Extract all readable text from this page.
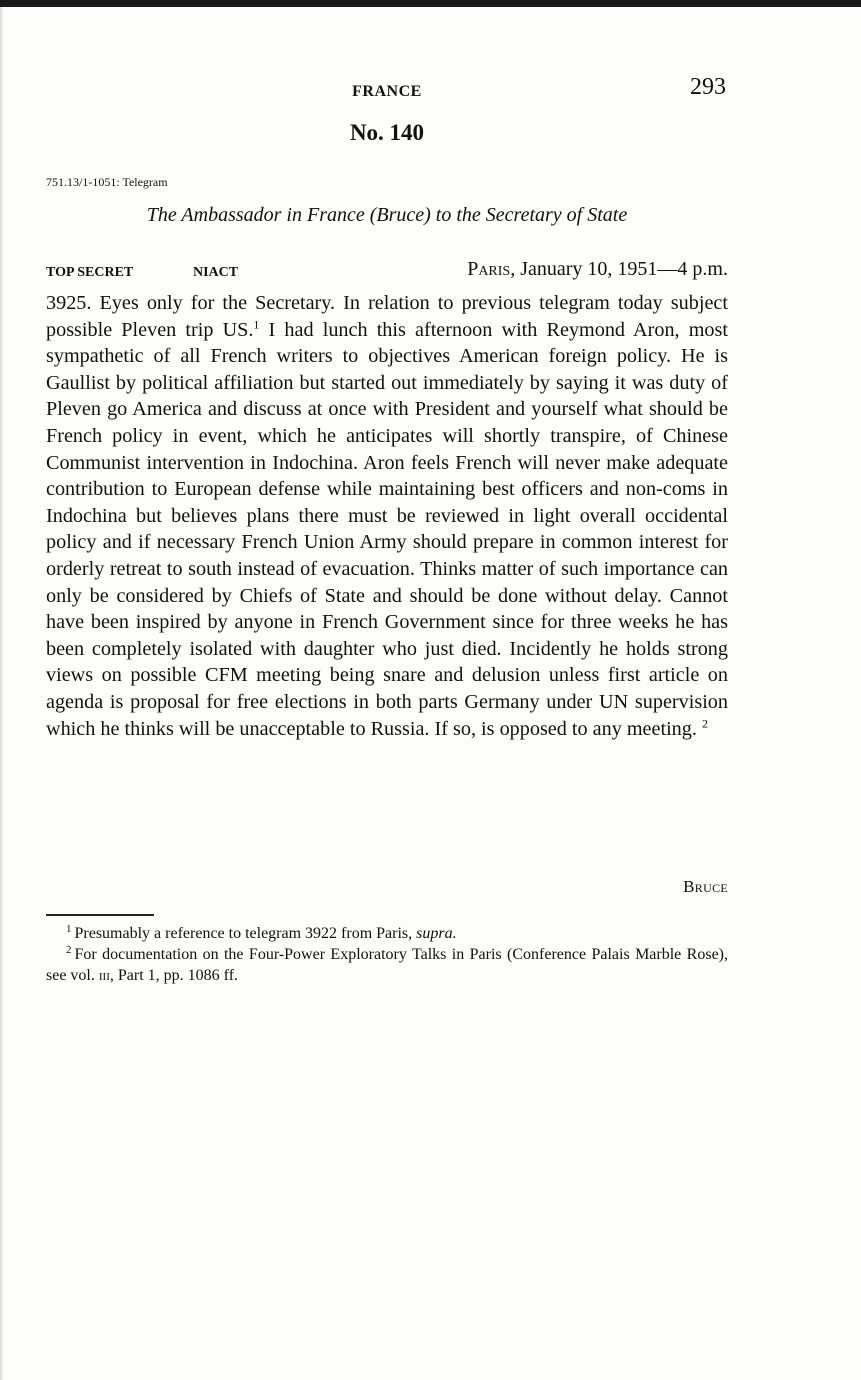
FRANCE	293
No. 140
751.13/1-1051: Telegram
The Ambassador in France (Bruce) to the Secretary of State
TOP SECRET	NIACT	Paris, January 10, 1951—4 p.m.

3925. Eyes only for the Secretary. In relation to previous telegram today subject possible Pleven trip US.$^1$ I had lunch this afternoon with Reymond Aron, most sympathetic of all French writers to objectives American foreign policy. He is Gaullist by political affiliation but started out immediately by saying it was duty of Pleven go America and discuss at once with President and yourself what should be French policy in event, which he anticipates will shortly transpire, of Chinese Communist intervention in Indochina. Aron feels French will never make adequate contribution to European defense while maintaining best officers and non-coms in Indochina but believes plans there must be reviewed in light overall occidental policy and if necessary French Union Army should prepare in common interest for orderly retreat to south instead of evacuation. Thinks matter of such importance can only be considered by Chiefs of State and should be done without delay. Cannot have been inspired by anyone in French Government since for three weeks he has been completely isolated with daughter who just died. Incidently he holds strong views on possible CFM meeting being snare and delusion unless first article on agenda is proposal for free elections in both parts Germany under UN supervision which he thinks will be unacceptable to Russia. If so, is opposed to any meeting. $^2$

Bruce

$^1$ Presumably a reference to telegram 3922 from Paris, supra.

$^2$ For documentation on the Four-Power Exploratory Talks in Paris (Conference Palais Marble Rose), see vol. iii, Part 1, pp. 1086 ff.
